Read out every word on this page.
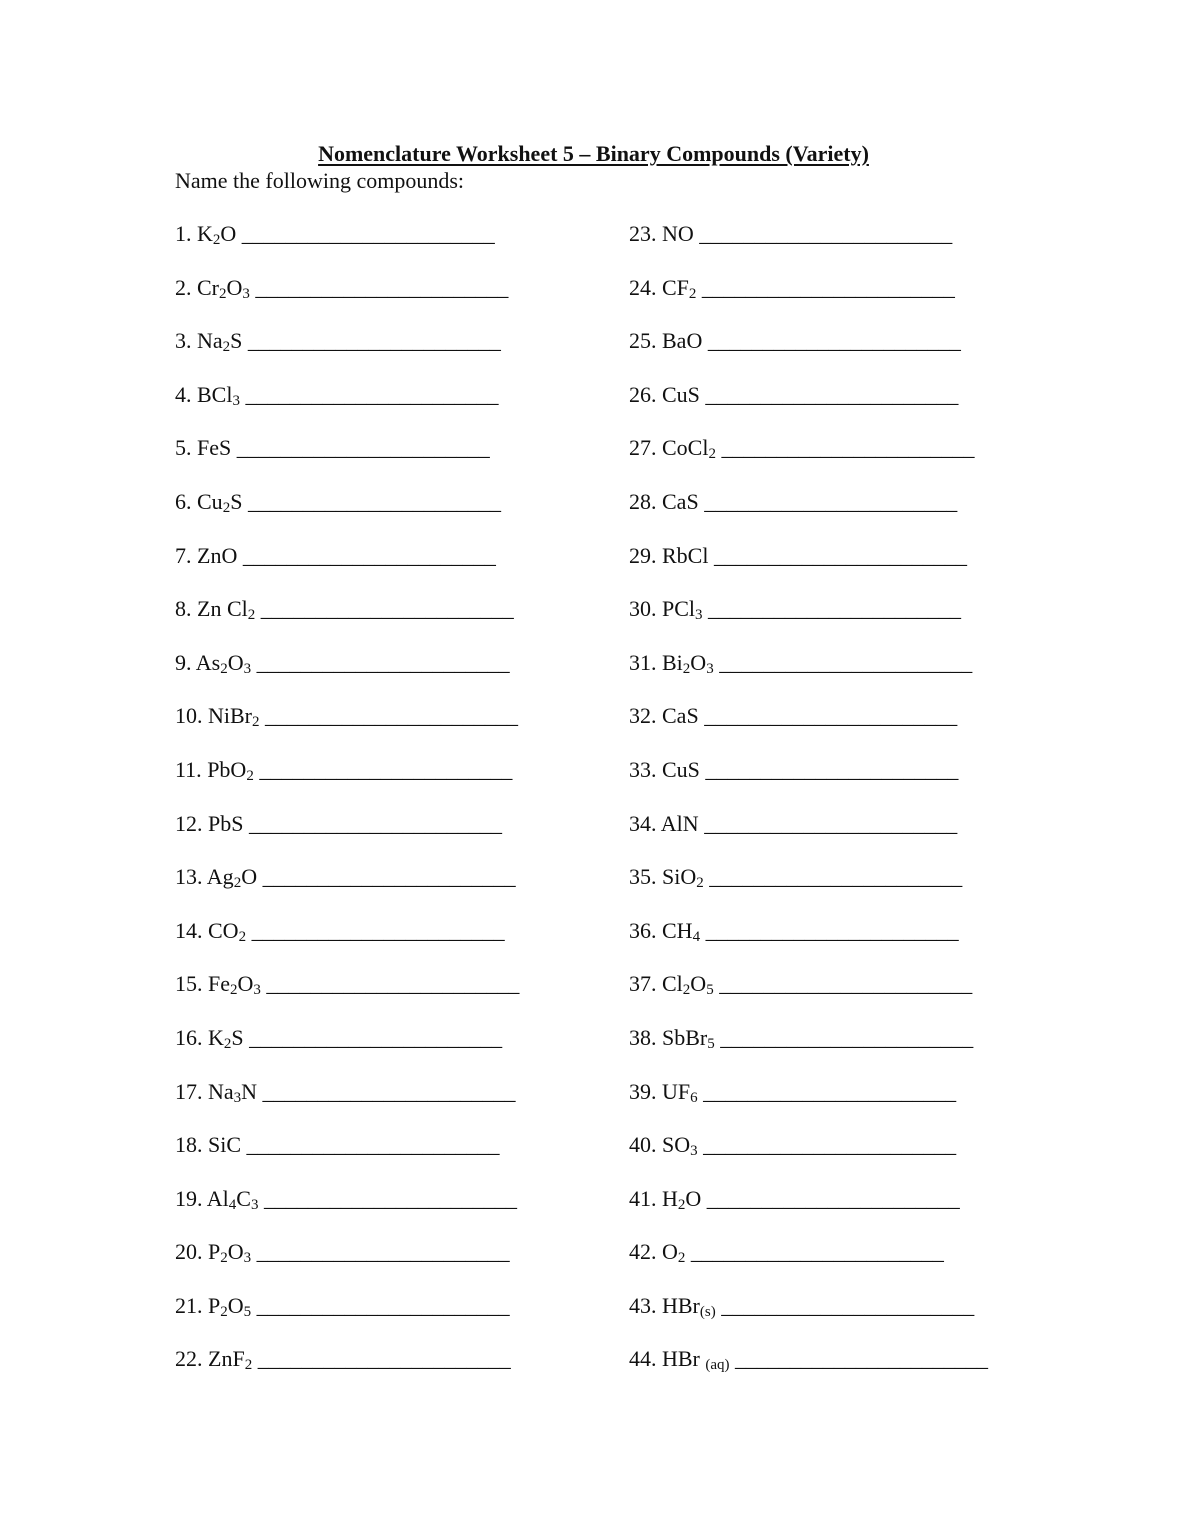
Nomenclature Worksheet 5 – Binary Compounds (Variety)
Name the following compounds:
1. $K_2O$ _______________________
2. $Cr_2O_3$ _______________________
3. $Na_2S$ _______________________
4. BCl$_3$ _______________________
5. FeS _______________________
6. $Cu_2S$ _______________________
7. ZnO _______________________
8. Zn $Cl_2$ _______________________
9. $As_2O_3$ _______________________
10. NiBr$_2$ _______________________
11. PbO$_2$ _______________________
12. PbS _______________________
13. $Ag_2O$ _______________________
14. $CO_2$ _______________________
15. $Fe_2O_3$ _______________________
16. $K_2S$ _______________________
17. $Na_3N$ _______________________
18. SiC _______________________
19. $Al_4C_3$ _______________________
20. $P_2O_3$ _______________________
21. $P_2O_5$ _______________________
22. ZnF$_2$ _______________________
23. NO _______________________
24. $CF_2$ _______________________
25. BaO _______________________
26. CuS _______________________
27. CoCl$_2$ _______________________
28. CaS _______________________
29. RbCl _______________________
30. PCl$_3$ _______________________
31. $Bi_2O_3$ _______________________
32. CaS _______________________
33. CuS _______________________
34. AlN _______________________
35. SiO$_2$ _______________________
36. $CH_4$ _______________________
37. $Cl_2O_5$ _______________________
38. SbBr$_5$ _______________________
39. $UF_6$ _______________________
40. $SO_3$ _______________________
41. $H_2O$ _______________________
42. $O_2$ _______________________
43. HBr$_{(s)}$ _______________________
44. HBr $_{(aq)}$ _______________________
